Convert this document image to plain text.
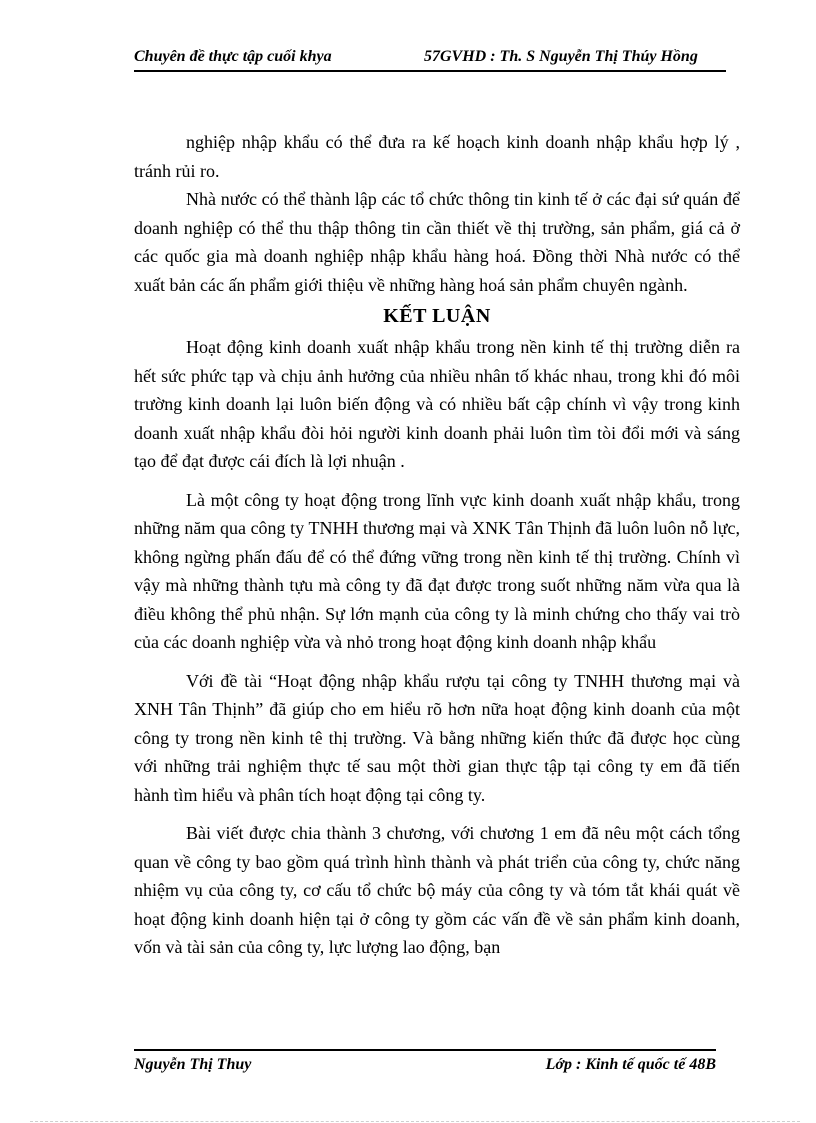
Chuyên đề thực tập cuối khya	57GVHD : Th. S Nguyễn Thị Thúy Hồng

nghiệp nhập khẩu có thể đưa ra kế hoạch kinh doanh nhập khẩu hợp lý , tránh rủi ro.

Nhà nước có thể thành lập các tổ chức thông tin kinh tế ở các đại sứ quán để doanh nghiệp có thể thu thập thông tin cần thiết về thị trường, sản phẩm, giá cả ở các quốc gia mà doanh nghiệp nhập khẩu hàng hoá. Đồng thời Nhà nước có thể xuất bản các ấn phẩm giới thiệu về những hàng hoá sản phẩm chuyên ngành.

KẾT LUẬN

Hoạt động kinh doanh xuất nhập khẩu trong nền kinh tế thị trường diễn ra hết sức phức tạp và chịu ảnh hưởng của nhiều nhân tố khác nhau, trong khi đó môi trường kinh doanh lại luôn biến động và có nhiều bất cập chính vì vậy trong kinh doanh xuất nhập khẩu đòi hỏi người kinh doanh phải luôn tìm tòi đổi mới và sáng tạo để đạt được cái đích là lợi nhuận .

Là một công ty hoạt động trong lĩnh vực kinh doanh xuất nhập khẩu, trong những năm qua công ty TNHH thương mại và XNK Tân Thịnh đã luôn luôn nỗ lực, không ngừng phấn đấu để có thể đứng vững trong nền kinh tế thị trường. Chính vì vậy mà những thành tựu mà công ty đã đạt được trong suốt những năm vừa qua là điều không thể phủ nhận. Sự lớn mạnh của công ty là minh chứng cho thấy vai trò của các doanh nghiệp vừa và nhỏ trong hoạt động kinh doanh nhập khẩu

Với đề tài “Hoạt động nhập khẩu rượu tại công ty TNHH thương mại và XNH Tân Thịnh” đã giúp cho em hiểu rõ hơn nữa hoạt động kinh doanh của một công ty trong nền kinh tê thị trường. Và bằng những kiến thức đã được học cùng với những trải nghiệm thực tế sau một thời gian thực tập tại công ty em đã tiến hành tìm hiểu và phân tích hoạt động tại công ty.

Bài viết được chia thành 3 chương, với chương 1 em đã nêu một cách tổng quan về công ty bao gồm quá trình hình thành và phát triển của công ty, chức năng nhiệm vụ của công ty, cơ cấu tổ chức bộ máy của công ty và tóm tắt khái quát về hoạt động kinh doanh hiện tại ở công ty gồm các vấn đề về sản phẩm kinh doanh, vốn và tài sản của công ty, lực lượng lao động, bạn

Nguyễn Thị Thuy	Lớp : Kinh tế quốc tế 48B
